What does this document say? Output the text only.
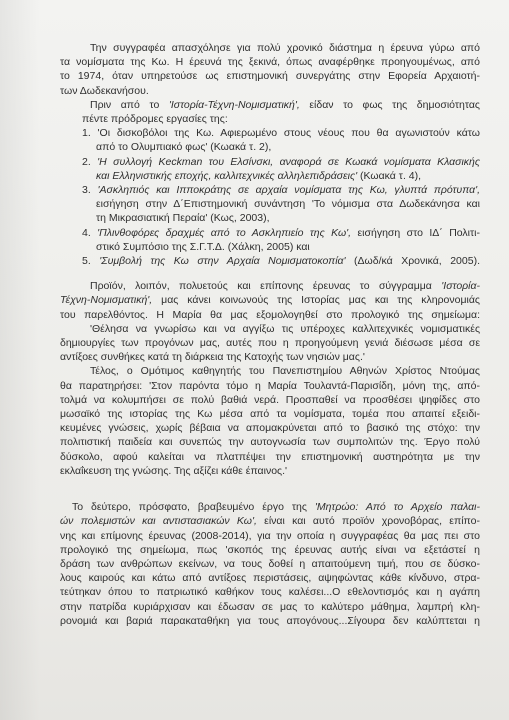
Την συγγραφέα απασχόλησε για πολύ χρονικό διάστημα η έρευνα γύρω από
τα νομίσματα της Κω. Η έρευνά της ξεκινά, όπως αναφέρθηκε προηγουμένως, από
το 1974, όταν υπηρετούσε ως επιστημονική συνεργάτης στην Εφορεία Αρχαιοτή-
των Δωδεκανήσου.
Πριν από το 'Ιστορία-Τέχνη-Νομισματική', είδαν το φως της δημοσιότητας
πέντε πρόδρομες εργασίες της:
1. 'Οι δισκοβόλοι της Κω. Αφιερωμένο στους νέους που θα αγωνιστούν κάτω
από το Ολυμπιακό φως' (Κωακά τ. 2),
2. 'Η συλλογή Keckman του Ελσίνσκι, αναφορά σε Κωακά νομίσματα Κλασικής
και Ελληνιστικής εποχής, καλλιτεχνικές αλληλεπιδράσεις' (Κωακά τ. 4),
3. 'Ασκληπιός και Ιπποκράτης σε αρχαία νομίσματα της Κω, γλυπτά πρότυπα',
εισήγηση στην Δ΄Επιστημονική συνάντηση 'Το νόμισμα στα Δωδεκάνησα και
τη Μικρασιατική Περαία' (Κως, 2003),
4. 'Πλινθοφόρες δραχμές από το Ασκληπιείο της Κω', εισήγηση στο ΙΔ΄ Πολιτι-
στικό Συμπόσιο της Σ.Γ.Τ.Δ. (Χάλκη, 2005) και
5. 'Συμβολή της Κω στην Αρχαία Νομισματοκοπία' (Δωδ/κά Χρονικά, 2005).
Προϊόν, λοιπόν, πολυετούς και επίπονης έρευνας το σύγγραμμα 'Ιστορία-
Τέχνη-Νομισματική', μας κάνει κοινωνούς της Ιστορίας μας και της κληρονομιάς
του παρελθόντος. Η Μαρία θα μας εξομολογηθεί στο προλογικό της σημείωμα:
'Θέλησα να γνωρίσω και να αγγίξω τις υπέροχες καλλιτεχνικές νομισματικές
δημιουργίες των προγόνων μας, αυτές που η προηγούμενη γενιά διέσωσε μέσα σε
αντίξοες συνθήκες κατά τη διάρκεια της Κατοχής των νησιών μας.'
Τέλος, ο Ομότιμος καθηγητής του Πανεπιστημίου Αθηνών Χρίστος Ντούμας
θα παρατηρήσει: 'Στον παρόντα τόμο η Μαρία Τουλαντά-Παρισίδη, μόνη της, από-
τολμά να κολυμπήσει σε πολύ βαθιά νερά. Προσπαθεί να προσθέσει ψηφίδες στο
μωσαϊκό της ιστορίας της Κω μέσα από τα νομίσματα, τομέα που απαιτεί εξειδι-
κευμένες γνώσεις, χωρίς βέβαια να απομακρύνεται από το βασικό της στόχο: την
πολιτιστική παιδεία και συνεπώς την αυτογνωσία των συμπολιτών της. Έργο πολύ
δύσκολο, αφού καλείται να πλατπέψει την επιστημονική αυστηρότητα με την
εκλαΐκευση της γνώσης. Της αξίζει κάθε έπαινος.'
Το δεύτερο, πρόσφατο, βραβευμένο έργο της 'Μητρώο: Από το Αρχείο παλαι-
ών πολεμιστών και αντιστασιακών Κω', είναι και αυτό προϊόν χρονοβόρας, επίπο-
νης και επίμονης έρευνας (2008-2014), για την οποία η συγγραφέας θα μας πει στο
προλογικό της σημείωμα, πως 'σκοπός της έρευνας αυτής είναι να εξετάστεί η
δράση των ανθρώπων εκείνων, να τους δοθεί η απαιτούμενη τιμή, που σε δύσκο-
λους καιρούς και κάτω από αντίξοες περιστάσεις, αψηφώντας κάθε κίνδυνο, στρα-
τεύτηκαν όπου το πατριωτικό καθήκον τους καλέσει...Ο εθελοντισμός και η αγάπη
στην πατρίδα κυριάρχισαν και έδωσαν σε μας το καλύτερο μάθημα, λαμπρή κλη-
ρονομιά και βαριά παρακαταθήκη για τους απογόνους...Σίγουρα δεν καλύπτεται η
